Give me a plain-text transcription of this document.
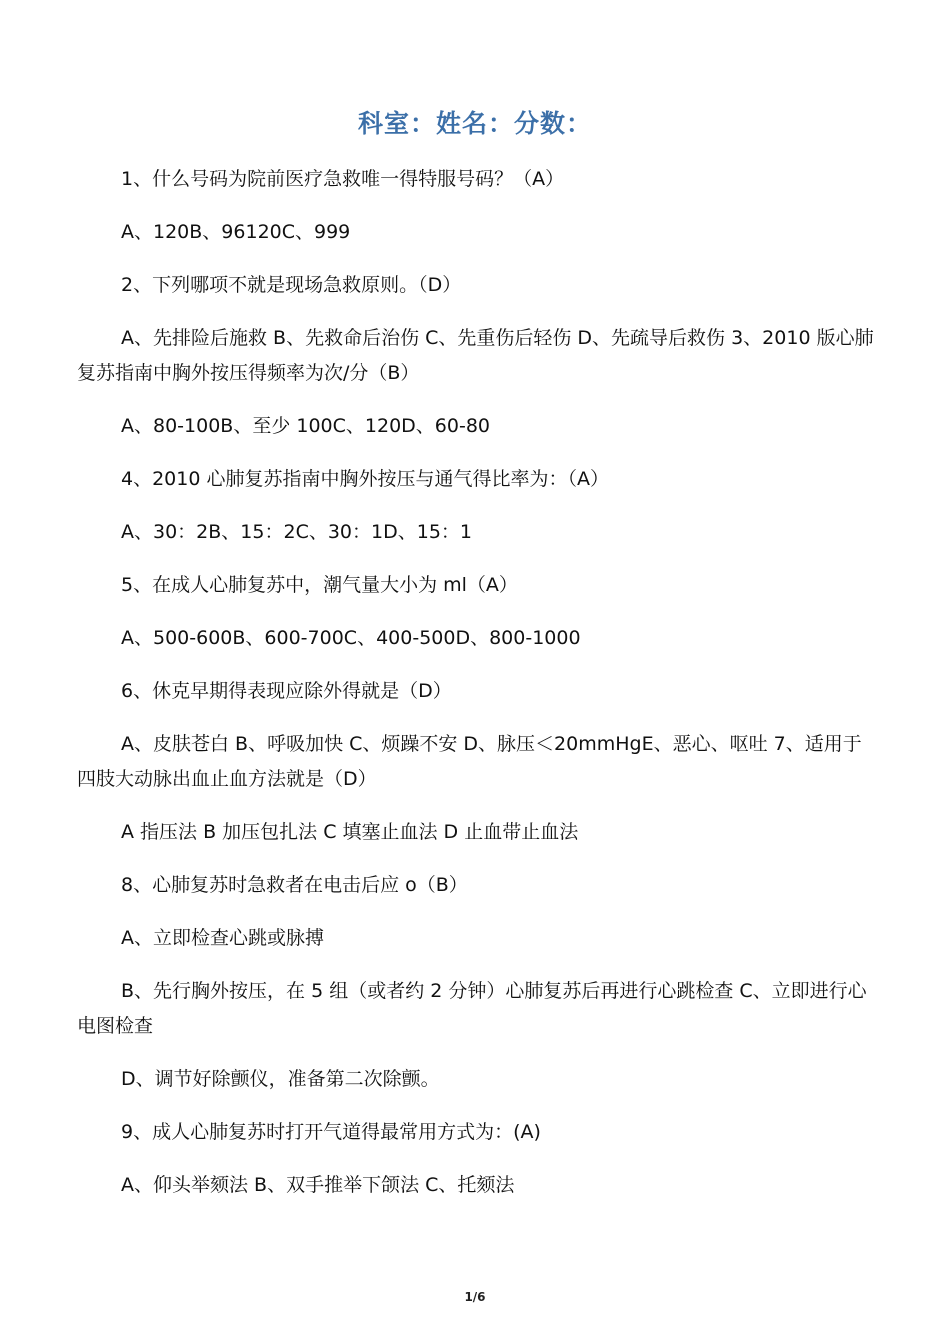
科室：姓名：分数：

1、什么号码为院前医疗急救唯一得特服号码？（A）

A、120B、96120C、999

2、下列哪项不就是现场急救原则。（D）

A、先排险后施救 B、先救命后治伤 C、先重伤后轻伤 D、先疏导后救伤 3、2010 版心肺复苏指南中胸外按压得频率为次/分（B）

A、80-100B、至少 100C、120D、60-80

4、2010 心肺复苏指南中胸外按压与通气得比率为：（A）

A、30：2B、15：2C、30：1D、15：1

5、在成人心肺复苏中，潮气量大小为 ml（A）

A、500-600B、600-700C、400-500D、800-1000

6、休克早期得表现应除外得就是（D）

A、皮肤苍白 B、呼吸加快 C、烦躁不安 D、脉压＜20mmHgE、恶心、呕吐 7、适用于四肢大动脉出血止血方法就是（D）

A 指压法 B 加压包扎法 C 填塞止血法 D 止血带止血法

8、心肺复苏时急救者在电击后应 o（B）

A、立即检查心跳或脉搏

B、先行胸外按压，在 5 组（或者约 2 分钟）心肺复苏后再进行心跳检查 C、立即进行心电图检查

D、调节好除颤仪，准备第二次除颤。

9、成人心肺复苏时打开气道得最常用方式为：(A)

A、仰头举颏法 B、双手推举下颌法 C、托颏法

1/6
